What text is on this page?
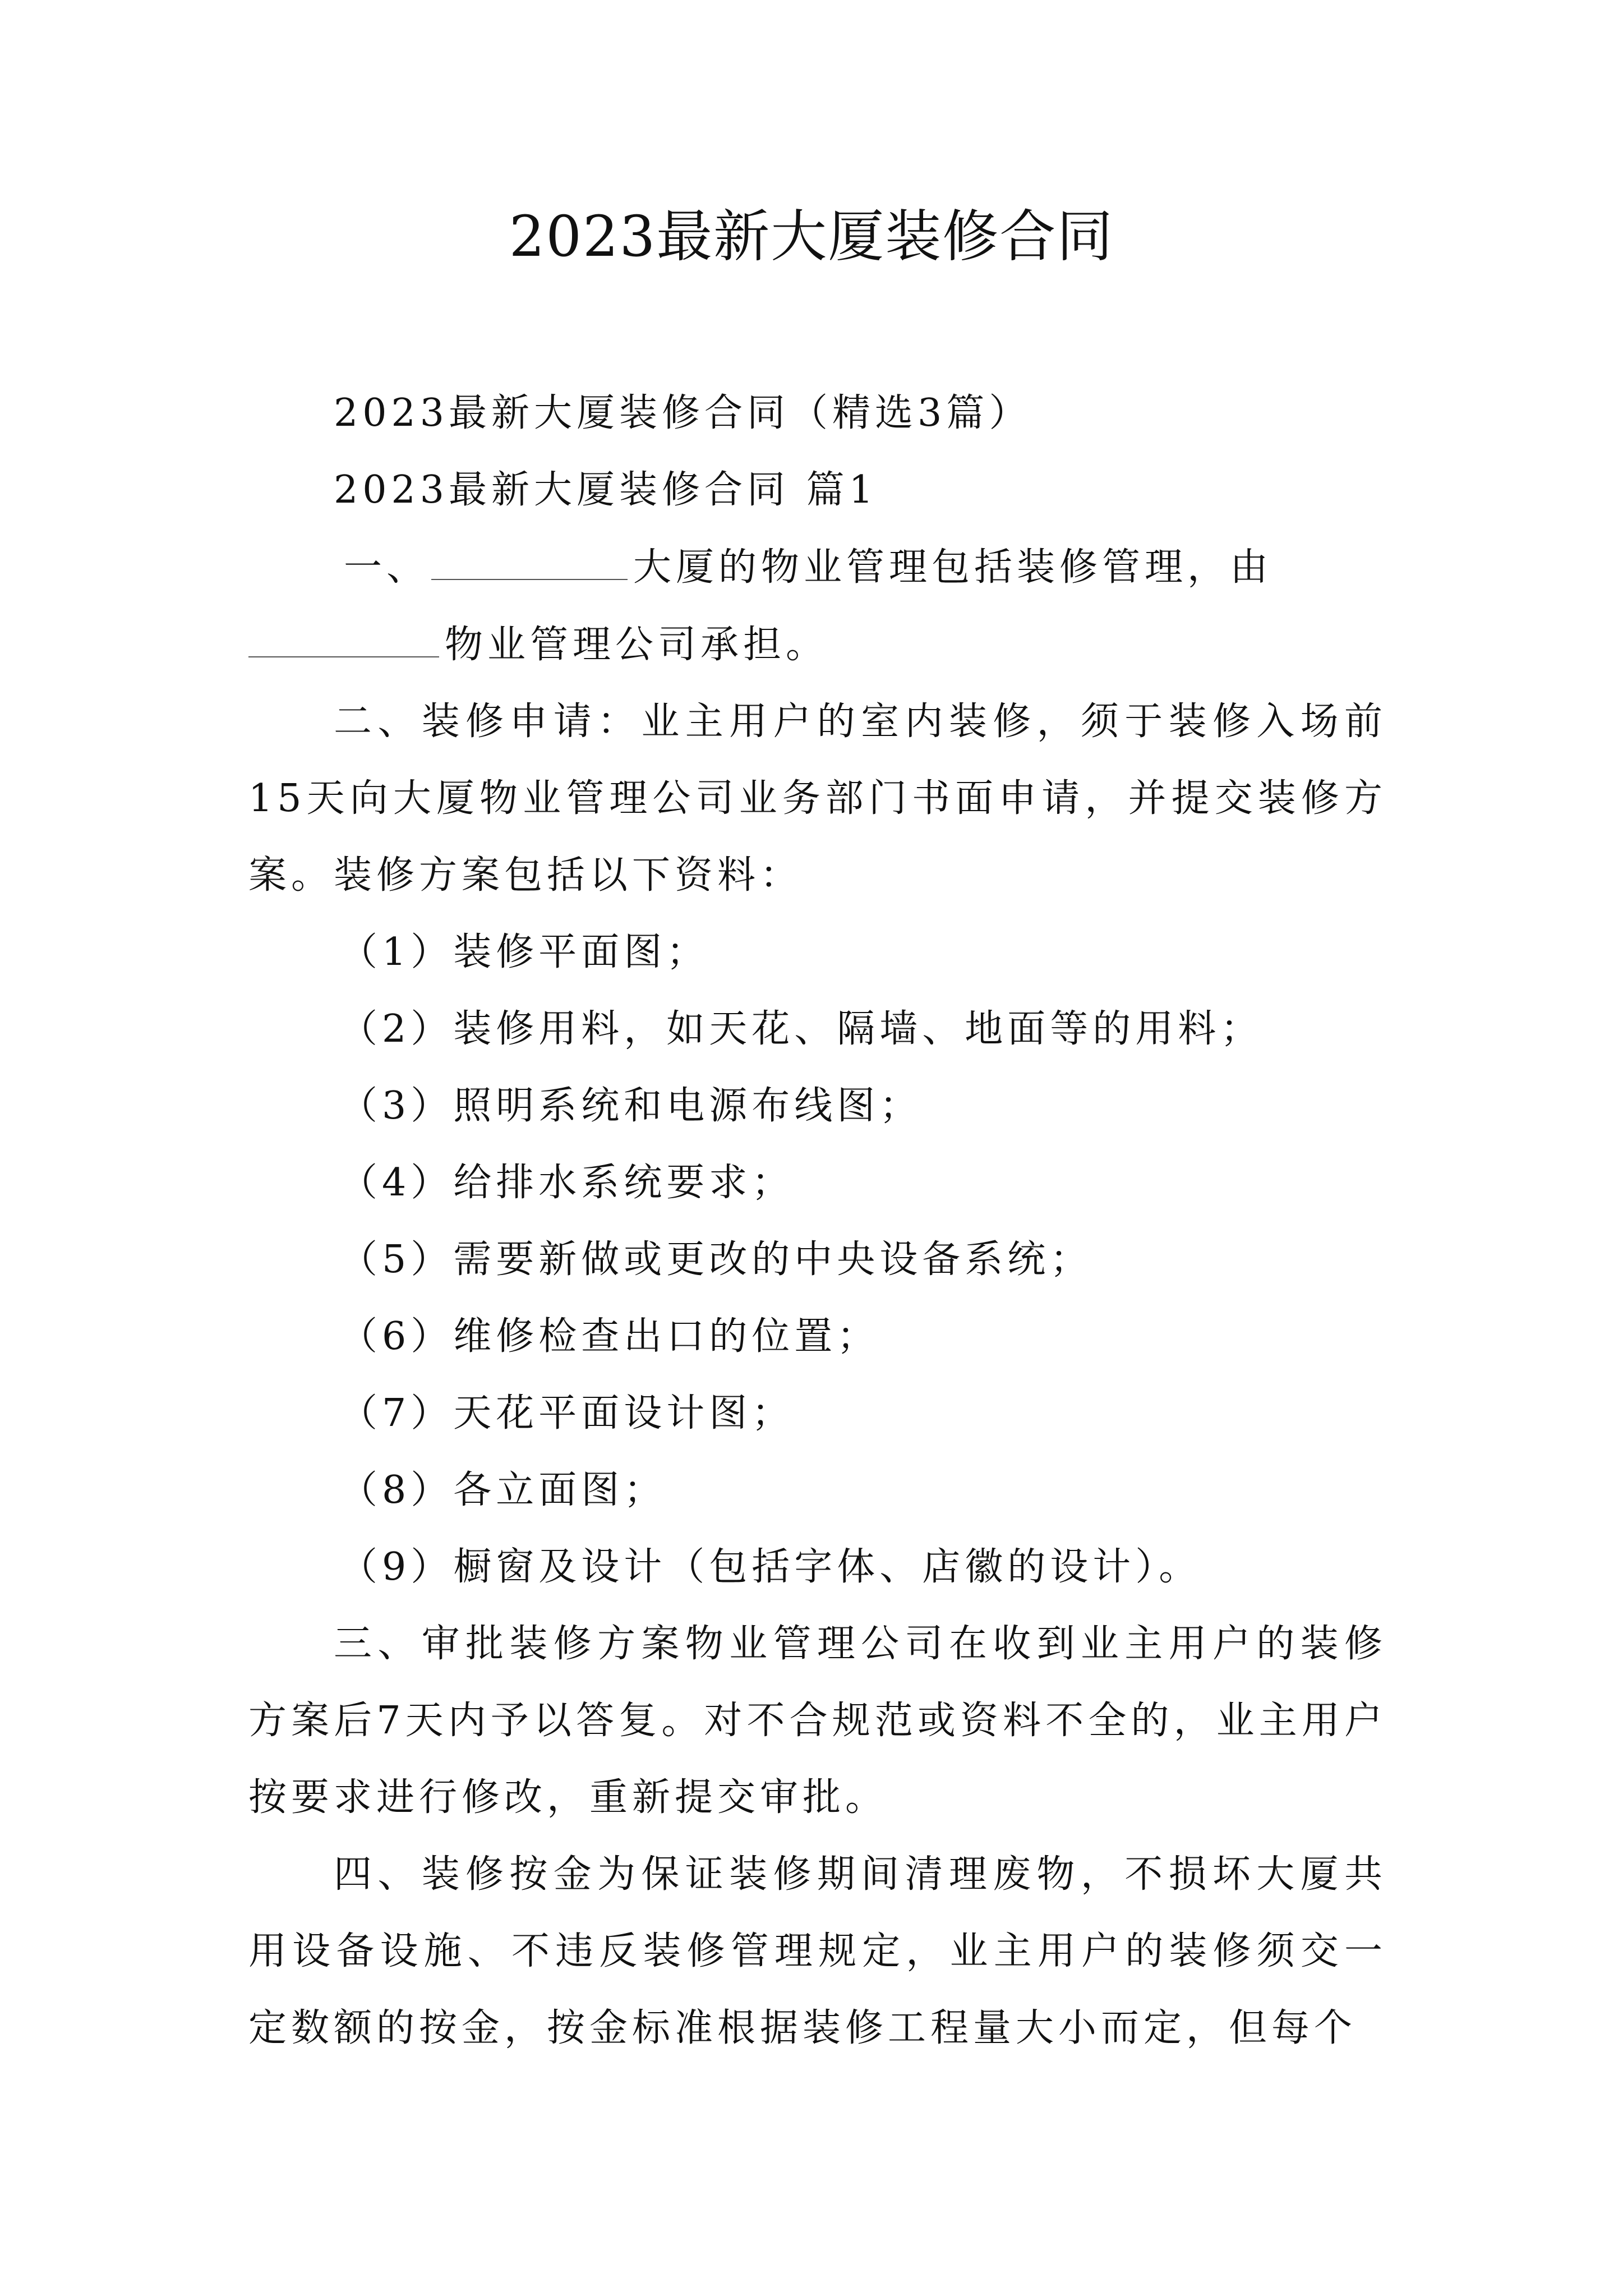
2023最新大厦装修合同

2023最新大厦装修合同（精选3篇）

2023最新大厦装修合同 篇1

一、	大厦的物业管理包括装修管理，由
物业管理公司承担。

二、装修申请：业主用户的室内装修，须于装修入场前15天向大厦物业管理公司业务部门书面申请，并提交装修方案。装修方案包括以下资料：

（1）装修平面图；

（2）装修用料，如天花、隔墙、地面等的用料；

（3）照明系统和电源布线图；

（4）给排水系统要求；

（5）需要新做或更改的中央设备系统；

（6）维修检查出口的位置；

（7）天花平面设计图；

（8）各立面图；

（9）橱窗及设计（包括字体、店徽的设计）。

三、审批装修方案物业管理公司在收到业主用户的装修方案后7天内予以答复。对不合规范或资料不全的，业主用户按要求进行修改，重新提交审批。

四、装修按金为保证装修期间清理废物，不损坏大厦共用设备设施、不违反装修管理规定，业主用户的装修须交一定数额的按金，按金标准根据装修工程量大小而定，但每个
